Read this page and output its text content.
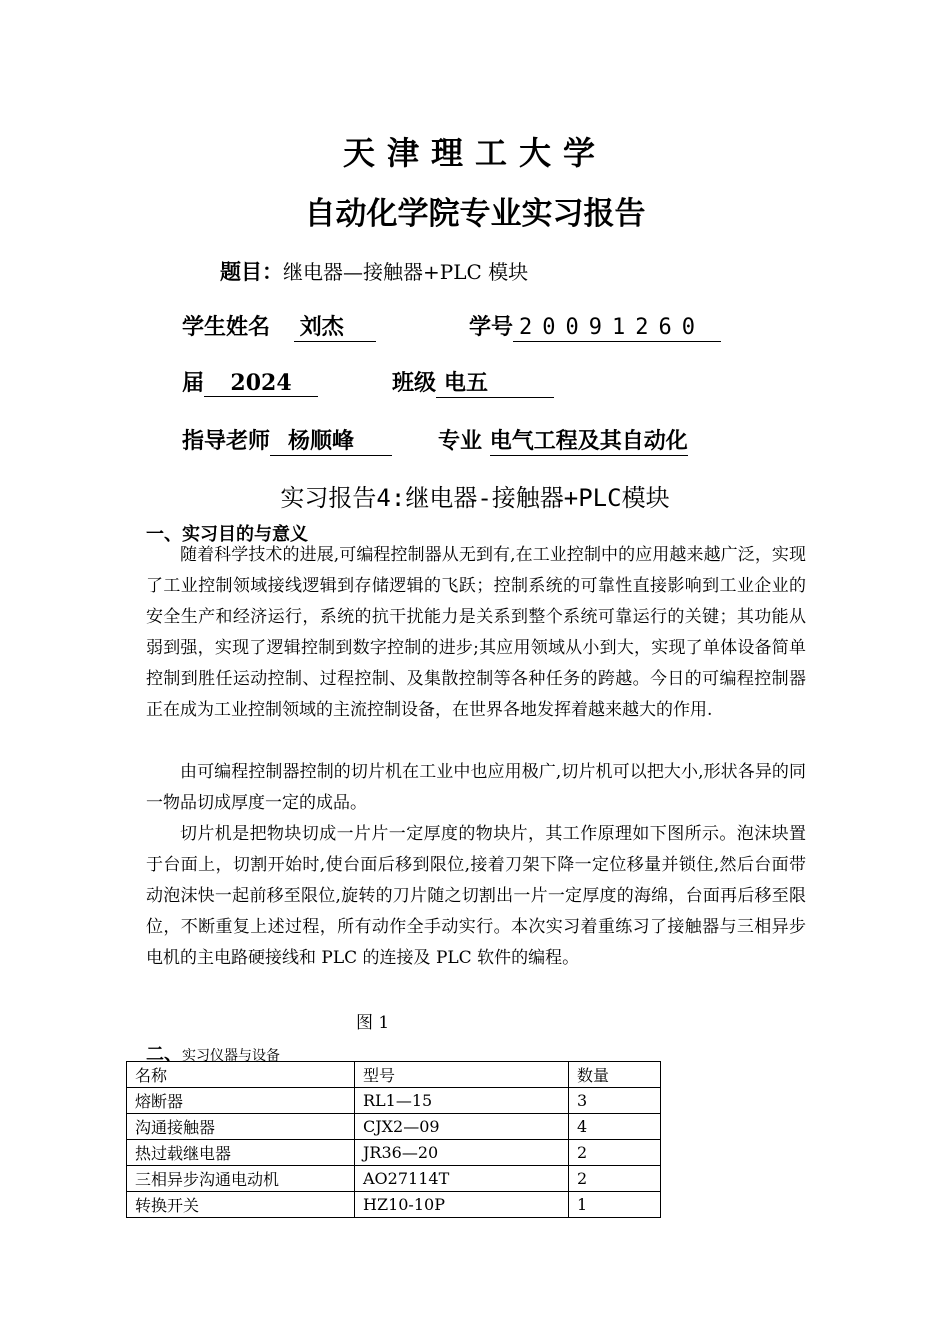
天津理工大学
自动化学院专业实习报告
题目：继电器—接触器+PLC 模块
学生姓名 刘杰	学号 20091260
届 2024	班级 电五
指导老师 杨顺峰	专业 电气工程及其自动化
实习报告4:继电器-接触器+PLC模块
一、实习目的与意义
随着科学技术的进展,可编程控制器从无到有,在工业控制中的应用越来越广泛，实现了工业控制领域接线逻辑到存储逻辑的飞跃；控制系统的可靠性直接影响到工业企业的安全生产和经济运行，系统的抗干扰能力是关系到整个系统可靠运行的关键；其功能从弱到强，实现了逻辑控制到数字控制的进步;其应用领域从小到大，实现了单体设备简单控制到胜任运动控制、过程控制、及集散控制等各种任务的跨越。今日的可编程控制器正在成为工业控制领域的主流控制设备，在世界各地发挥着越来越大的作用.
由可编程控制器控制的切片机在工业中也应用极广,切片机可以把大小,形状各异的同一物品切成厚度一定的成品。
切片机是把物块切成一片片一定厚度的物块片，其工作原理如下图所示。泡沫块置于台面上，切割开始时,使台面后移到限位,接着刀架下降一定位移量并锁住,然后台面带动泡沫快一起前移至限位,旋转的刀片随之切割出一片一定厚度的海绵，台面再后移至限位，不断重复上述过程，所有动作全手动实行。本次实习着重练习了接触器与三相异步电机的主电路硬接线和 PLC 的连接及 PLC 软件的编程。
图 1
二、实习仪器与设备
名称	型号	数量
熔断器	RL1—15	3
沟通接触器	CJX2—09	4
热过载继电器	JR36—20	2
三相异步沟通电动机	AO27114T	2
转换开关	HZ10-10P	1
